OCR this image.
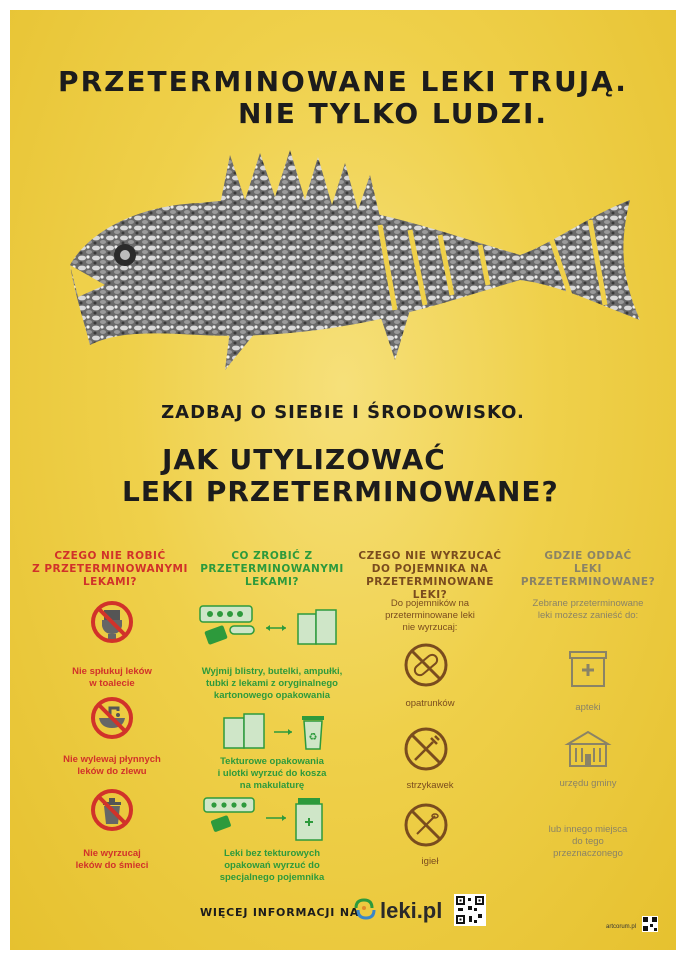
PRZETERMINOWANE LEKI TRUJĄ.
NIE TYLKO LUDZI.
ZADBAJ O SIEBIE I ŚRODOWISKO.
JAK UTYLIZOWAĆ
LEKI PRZETERMINOWANE?
CZEGO NIE ROBIĆ
Z PRZETERMINOWANYMI
LEKAMI?
Nie spłukuj leków
w toalecie
Nie wylewaj płynnych
leków do zlewu
Nie wyrzucaj
leków do śmieci
CO ZROBIĆ Z
PRZETERMINOWANYMI
LEKAMI?
Wyjmij blistry, butelki, ampułki,
tubki z lekami z oryginalnego
kartonowego opakowania
♻
Tekturowe opakowania
i ulotki wyrzuć do kosza
na makulaturę
Leki bez tekturowych
opakowań wyrzuć do
specjalnego pojemnika
CZEGO NIE WYRZUCAĆ
DO POJEMNIKA NA
PRZETERMINOWANE LEKI?
Do pojemników na
przeterminowane leki
nie wyrzucaj:
opatrunków
strzykawek
igieł
GDZIE ODDAĆ
LEKI
PRZETERMINOWANE?
Zebrane przeterminowane
leki możesz zanieść do:
apteki
urzędu gminy
lub innego miejsca
do tego
przeznaczonego
WIĘCEJ INFORMACJI NA leki.pl
artcorum.pl
